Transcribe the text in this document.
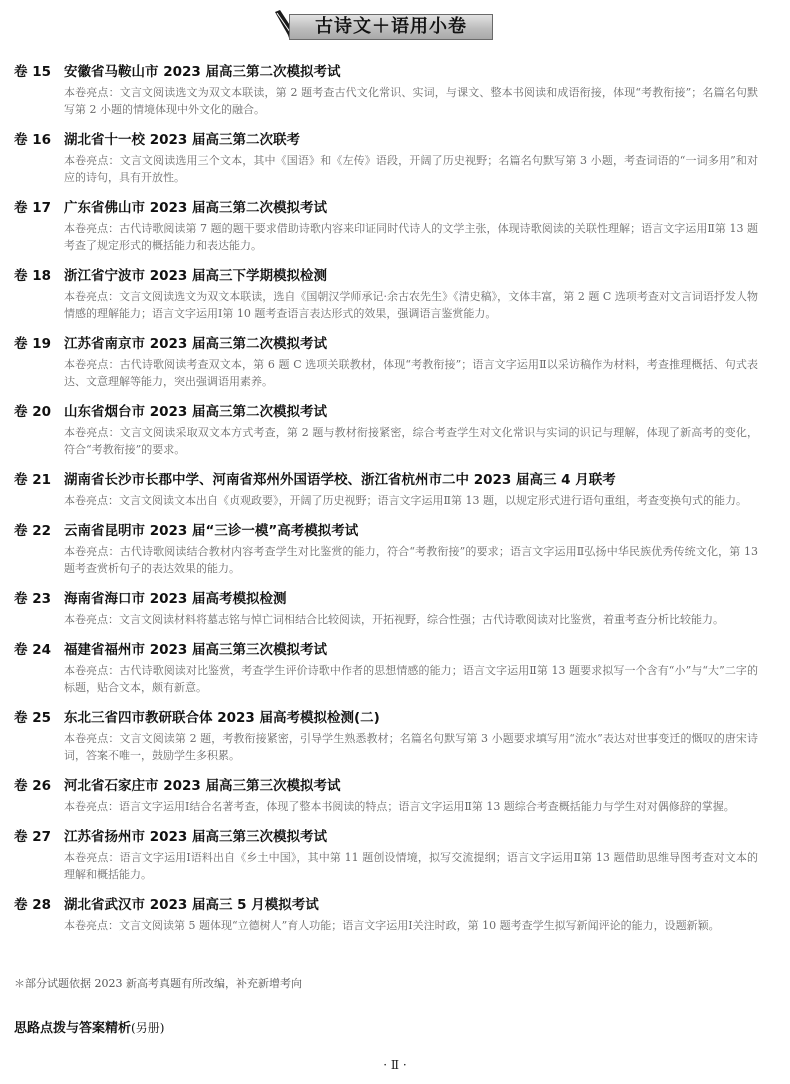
古诗文＋语用小卷
卷 15 安徽省马鞍山市 2023 届高三第二次模拟考试
本卷亮点：文言文阅读选文为双文本联读，第 2 题考查古代文化常识、实词，与课文、整本书阅读和成语衔接，体现“考教衔接”；名篇名句默写第 2 小题的情境体现中外文化的融合。
卷 16 湖北省十一校 2023 届高三第二次联考
本卷亮点：文言文阅读选用三个文本，其中《国语》和《左传》语段，开阔了历史视野；名篇名句默写第 3 小题，考查词语的“一词多用”和对应的诗句，具有开放性。
卷 17 广东省佛山市 2023 届高三第二次模拟考试
本卷亮点：古代诗歌阅读第 7 题的题干要求借助诗歌内容来印证同时代诗人的文学主张，体现诗歌阅读的关联性理解；语言文字运用Ⅱ第 13 题考查了规定形式的概括能力和表达能力。
卷 18 浙江省宁波市 2023 届高三下学期模拟检测
本卷亮点：文言文阅读选文为双文本联读，选自《国朝汉学师承记·余古农先生》《清史稿》，文体丰富，第 2 题 C 选项考查对文言词语抒发人物情感的理解能力；语言文字运用Ⅰ第 10 题考查语言表达形式的效果，强调语言鉴赏能力。
卷 19 江苏省南京市 2023 届高三第二次模拟考试
本卷亮点：古代诗歌阅读考查双文本，第 6 题 C 选项关联教材，体现“考教衔接”；语言文字运用Ⅱ以采访稿作为材料，考查推理概括、句式表达、文意理解等能力，突出强调语用素养。
卷 20 山东省烟台市 2023 届高三第二次模拟考试
本卷亮点：文言文阅读采取双文本方式考查，第 2 题与教材衔接紧密，综合考查学生对文化常识与实词的识记与理解，体现了新高考的变化，符合“考教衔接”的要求。
卷 21 湖南省长沙市长郡中学、河南省郑州外国语学校、浙江省杭州市二中 2023 届高三 4 月联考
本卷亮点：文言文阅读文本出自《贞观政要》，开阔了历史视野；语言文字运用Ⅱ第 13 题，以规定形式进行语句重组，考查变换句式的能力。
卷 22 云南省昆明市 2023 届“三诊一模”高考模拟考试
本卷亮点：古代诗歌阅读结合教材内容考查学生对比鉴赏的能力，符合“考教衔接”的要求；语言文字运用Ⅱ弘扬中华民族优秀传统文化，第 13 题考查赏析句子的表达效果的能力。
卷 23 海南省海口市 2023 届高考模拟检测
本卷亮点：文言文阅读材料将墓志铭与悼亡词相结合比较阅读，开拓视野，综合性强；古代诗歌阅读对比鉴赏，着重考查分析比较能力。
卷 24 福建省福州市 2023 届高三第三次模拟考试
本卷亮点：古代诗歌阅读对比鉴赏，考查学生评价诗歌中作者的思想情感的能力；语言文字运用Ⅱ第 13 题要求拟写一个含有“小”与“大”二字的标题，贴合文本，颇有新意。
卷 25 东北三省四市教研联合体 2023 届高考模拟检测(二)
本卷亮点：文言文阅读第 2 题，考教衔接紧密，引导学生熟悉教材；名篇名句默写第 3 小题要求填写用“流水”表达对世事变迁的慨叹的唐宋诗词，答案不唯一，鼓励学生多积累。
卷 26 河北省石家庄市 2023 届高三第三次模拟考试
本卷亮点：语言文字运用Ⅰ结合名著考查，体现了整本书阅读的特点；语言文字运用Ⅱ第 13 题综合考查概括能力与学生对对偶修辞的掌握。
卷 27 江苏省扬州市 2023 届高三第三次模拟考试
本卷亮点：语言文字运用Ⅰ语料出自《乡土中国》，其中第 11 题创设情境，拟写交流提纲；语言文字运用Ⅱ第 13 题借助思维导图考查对文本的理解和概括能力。
卷 28 湖北省武汉市 2023 届高三 5 月模拟考试
本卷亮点：文言文阅读第 5 题体现“立德树人”育人功能；语言文字运用Ⅰ关注时政，第 10 题考查学生拟写新闻评论的能力，设题新颖。
＊部分试题依据 2023 新高考真题有所改编，补充新增考向
思路点拨与答案精析(另册)
· Ⅱ ·
